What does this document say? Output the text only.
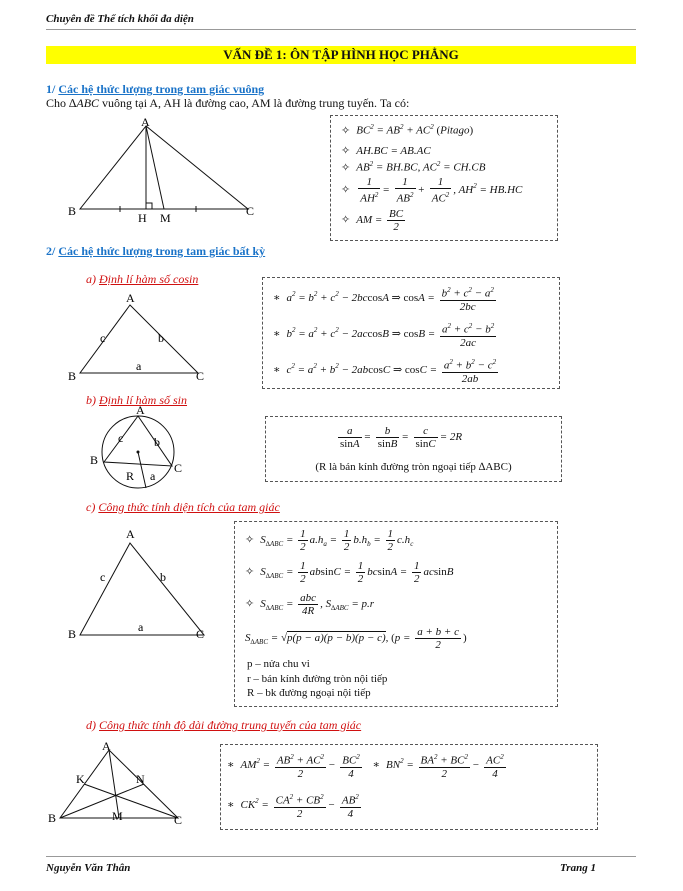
Chuyên đề Thể tích khối đa diện
VẤN ĐỀ 1: ÔN TẬP HÌNH HỌC PHẲNG
1/ Các hệ thức lượng trong tam giác vuông
Cho ∆ABC vuông tại A, AH là đường cao, AM là đường trung tuyến. Ta có:
A
B	C
H M
✧ $BC^2 = AB^2 + AC^2$ (Pitago)
✧ AH.BC = AB.AC
✧ $AB^2 = BH.BC$, $AC^2 = CH.CB$
✧ $\frac{1}{AH^2} = \frac{1}{AB^2} + \frac{1}{AC^2}$ , $AH^2 = HB.HC$
✧ AM = $\frac{BC}{2}$
2/ Các hệ thức lượng trong tam giác bất kỳ
a) Định lí hàm số cosin
A
B	C
c	b
a
∗ $a^2 = b^2 + c^2 - 2bccosA$ ⇒ $\cos A = \frac{b^2 + c^2 - a^2}{2bc}$
∗ $b^2 = a^2 + c^2 - 2accosB$ ⇒ $\cos B = \frac{a^2 + c^2 - b^2}{2ac}$
∗ $c^2 = a^2 + b^2 - 2abcosC$ ⇒ $\cos C = \frac{a^2 + b^2 - c^2}{2ab}$
b) Định lí hàm số sin
A
B
C
c	b
R a
$\frac{a}{\sin A} = \frac{b}{\sin B} = \frac{c}{\sin C} = 2R$
(R là bán kính đường tròn ngoại tiếp ∆ABC)
c) Công thức tính diện tích của tam giác
A
B	C
c	b
a
✧ $S_{\Delta ABC} = \frac{1}{2} a.h_a = \frac{1}{2} b.h_b = \frac{1}{2} c.h_c$
✧ $S_{\Delta ABC} = \frac{1}{2}$ $absinC = \frac{1}{2}$ $bcsinA = \frac{1}{2}$ acsinB
✧ $S_{\Delta ABC} = \frac{\text{abc}}{4R}$ , $S_{\Delta ABC} = p.r$
$S_{\Delta ABC} = √p(p - a)(p - b)(p - c)$, ($p = \frac{a + b + c}{2}$ )
p – nửa chu vi
r – bán kính đường tròn nội tiếp
R – bk đường ngoại nội tiếp
d) Công thức tính độ dài đường trung tuyến của tam giác
A
B	C
K	N
M
∗ $AM^2 = \frac{AB^2 + AC^2}{2} - \frac{BC^2}{4}$ ∗ $BN^2 = \frac{BA^2 + BC^2}{2} - \frac{AC^2}{4}$
∗ $CK^2 = \frac{CA^2 + CB^2}{2} - \frac{AB^2}{4}$
Nguyễn Văn Thân	Trang 1
